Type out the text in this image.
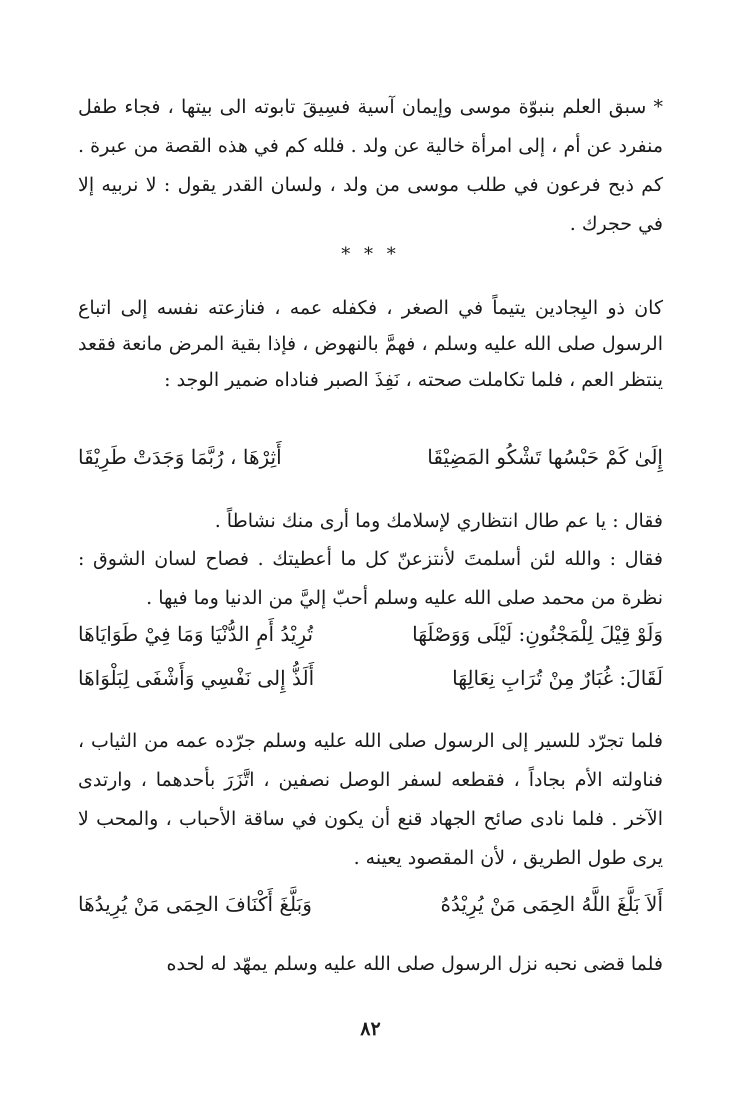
* سبق العلم بنبوّة موسى وإيمان آسية فسِيقَ تابوته الى بيتها ، فجاء طفل منفرد عن أم ، إلى امرأة خالية عن ولد . فلله كم في هذه القصة من عبرة . كم ذبح فرعون في طلب موسى من ولد ، ولسان القدر يقول : لا نربيه إلا في حجرك .
* * *
كان ذو البِجادين يتيماً في الصغر ، فكفله عمه ، فنازعته نفسه إلى اتباع الرسول صلى الله عليه وسلم ، فهمَّ بالنهوض ، فإذا بقية المرض مانعة فقعد ينتظر العم ، فلما تكاملت صحته ، نَفِذَ الصبر فناداه ضمير الوجد :
إِلَىٰ كَمْ حَبْسُها تَشْكُو المَضِيْقَا
أَثِرْهَا ، رُبَّمَا وَجَدَتْ طَرِيْقَا
فقال : يا عم طال انتظاري لإسلامك وما أرى منك نشاطاً .
فقال : والله لئن أسلمتَ لأنتزعنّ كل ما أعطيتك . فصاح لسان الشوق : نظرة من محمد صلى الله عليه وسلم أحبّ إليَّ من الدنيا وما فيها .
وَلَوْ قِيْلَ لِلْمَجْنُونِ: لَيْلَى وَوَصْلَهَا
تُرِيْدُ أَمِ الدُّنْيَا وَمَا فِيْ طَوَايَاهَا
لَقَالَ: غُبَارٌ مِنْ تُرَابِ نِعَالِهَا
أَلَذُّ إِلى نَفْسِي وَأَشْفَى لِبَلْوَاهَا
فلما تجرّد للسير إلى الرسول صلى الله عليه وسلم جرّده عمه من الثياب ، فناولته الأم بجاداً ، فقطعه لسفر الوصل نصفين ، اتَّزَرَ بأحدهما ، وارتدى الآخر . فلما نادى صائح الجهاد قنع أن يكون في ساقة الأحباب ، والمحب لا يرى طول الطريق ، لأن المقصود يعينه .
أَلاَ بَلَّغَ اللَّهُ الحِمَى مَنْ يُرِيْدُهُ
وَبَلَّغَ أَكْنَافَ الحِمَى مَنْ يُرِيدُهَا
فلما قضى نحبه نزل الرسول صلى الله عليه وسلم يمهّد له لحده
٨٢
